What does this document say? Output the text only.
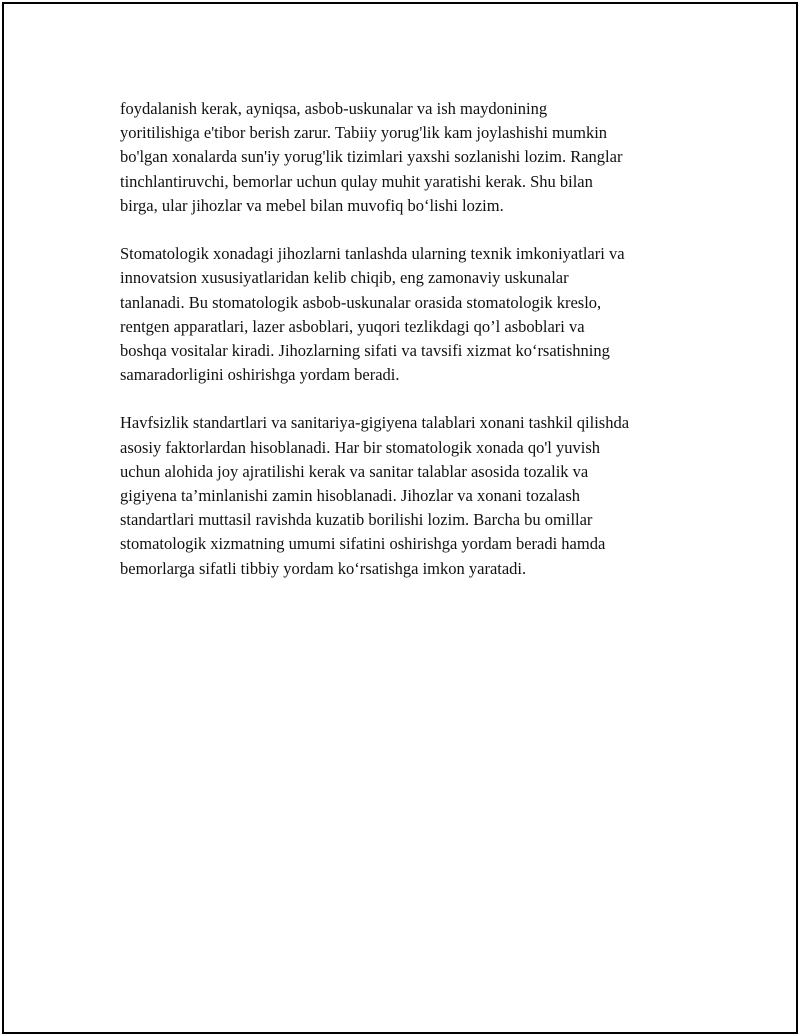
foydalanish kerak, ayniqsa, asbob-uskunalar va ish maydonining
yoritilishiga e'tibor berish zarur. Tabiiy yorug'lik kam joylashishi mumkin
bo'lgan xonalarda sun'iy yorug'lik tizimlari yaxshi sozlanishi lozim. Ranglar
tinchlantiruvchi, bemorlar uchun qulay muhit yaratishi kerak. Shu bilan
birga, ular jihozlar va mebel bilan muvofiq bo‘lishi lozim.
Stomatologik xonadagi jihozlarni tanlashda ularning texnik imkoniyatlari va
innovatsion xususiyatlaridan kelib chiqib, eng zamonaviy uskunalar
tanlanadi. Bu stomatologik asbob-uskunalar orasida stomatologik kreslo,
rentgen apparatlari, lazer asboblari, yuqori tezlikdagi qo’l asboblari va
boshqa vositalar kiradi. Jihozlarning sifati va tavsifi xizmat ko‘rsatishning
samaradorligini oshirishga yordam beradi.
Havfsizlik standartlari va sanitariya-gigiyena talablari xonani tashkil qilishda
asosiy faktorlardan hisoblanadi. Har bir stomatologik xonada qo'l yuvish
uchun alohida joy ajratilishi kerak va sanitar talablar asosida tozalik va
gigiyena ta’minlanishi zamin hisoblanadi. Jihozlar va xonani tozalash
standartlari muttasil ravishda kuzatib borilishi lozim. Barcha bu omillar
stomatologik xizmatning umumi sifatini oshirishga yordam beradi hamda
bemorlarga sifatli tibbiy yordam ko‘rsatishga imkon yaratadi.
